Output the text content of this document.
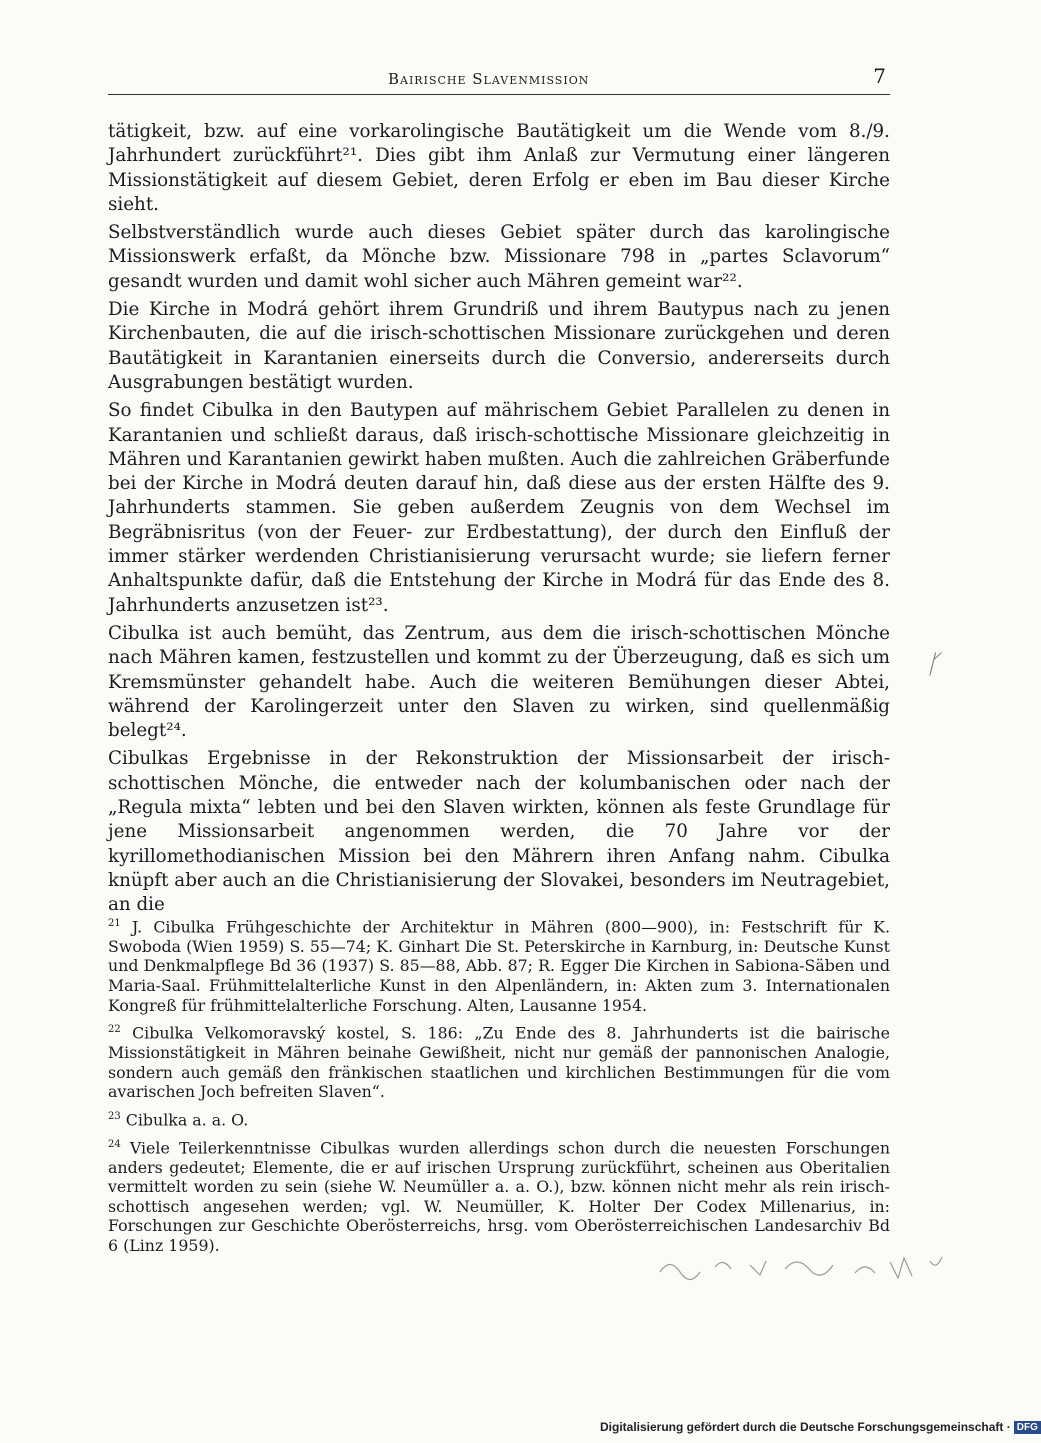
Bairische Slavenmission	7

tätigkeit, bzw. auf eine vorkarolingische Bautätigkeit um die Wende vom 8./9. Jahrhundert zurückführt²¹. Dies gibt ihm Anlaß zur Vermutung einer längeren Missionstätigkeit auf diesem Gebiet, deren Erfolg er eben im Bau dieser Kirche sieht.

Selbstverständlich wurde auch dieses Gebiet später durch das karolingische Missionswerk erfaßt, da Mönche bzw. Missionare 798 in „partes Sclavorum“ gesandt wurden und damit wohl sicher auch Mähren gemeint war²².

Die Kirche in Modrá gehört ihrem Grundriß und ihrem Bautypus nach zu jenen Kirchenbauten, die auf die irisch-schottischen Missionare zurückgehen und deren Bautätigkeit in Karantanien einerseits durch die Conversio, andererseits durch Ausgrabungen bestätigt wurden.

So findet Cibulka in den Bautypen auf mährischem Gebiet Parallelen zu denen in Karantanien und schließt daraus, daß irisch-schottische Missionare gleichzeitig in Mähren und Karantanien gewirkt haben mußten. Auch die zahlreichen Gräberfunde bei der Kirche in Modrá deuten darauf hin, daß diese aus der ersten Hälfte des 9. Jahrhunderts stammen. Sie geben außerdem Zeugnis von dem Wechsel im Begräbnisritus (von der Feuer- zur Erdbestattung), der durch den Einfluß der immer stärker werdenden Christianisierung verursacht wurde; sie liefern ferner Anhaltspunkte dafür, daß die Entstehung der Kirche in Modrá für das Ende des 8. Jahrhunderts anzusetzen ist²³.

Cibulka ist auch bemüht, das Zentrum, aus dem die irisch-schottischen Mönche nach Mähren kamen, festzustellen und kommt zu der Überzeugung, daß es sich um Kremsmünster gehandelt habe. Auch die weiteren Bemühungen dieser Abtei, während der Karolingerzeit unter den Slaven zu wirken, sind quellenmäßig belegt²⁴.

Cibulkas Ergebnisse in der Rekonstruktion der Missionsarbeit der irisch-schottischen Mönche, die entweder nach der kolumbanischen oder nach der „Regula mixta“ lebten und bei den Slaven wirkten, können als feste Grundlage für jene Missionsarbeit angenommen werden, die 70 Jahre vor der kyrillomethodianischen Mission bei den Mährern ihren Anfang nahm. Cibulka knüpft aber auch an die Christianisierung der Slovakei, besonders im Neutragebiet, an die

$^{21}$ J. Cibulka Frühgeschichte der Architektur in Mähren (800—900), in: Festschrift für K. Swoboda (Wien 1959) S. 55—74; K. Ginhart Die St. Peterskirche in Karnburg, in: Deutsche Kunst und Denkmalpflege Bd 36 (1937) S. 85—88, Abb. 87; R. Egger Die Kirchen in Sabiona-Säben und Maria-Saal. Frühmittelalterliche Kunst in den Alpenländern, in: Akten zum 3. Internationalen Kongreß für frühmittelalterliche Forschung. Alten, Lausanne 1954.

$^{22}$ Cibulka Velkomoravský kostel, S. 186: „Zu Ende des 8. Jahrhunderts ist die bairische Missionstätigkeit in Mähren beinahe Gewißheit, nicht nur gemäß der pannonischen Analogie, sondern auch gemäß den fränkischen staatlichen und kirchlichen Bestimmungen für die vom avarischen Joch befreiten Slaven“.

$^{23}$ Cibulka a. a. O.

$^{24}$ Viele Teilerkenntnisse Cibulkas wurden allerdings schon durch die neuesten Forschungen anders gedeutet; Elemente, die er auf irischen Ursprung zurückführt, scheinen aus Oberitalien vermittelt worden zu sein (siehe W. Neumüller a. a. O.), bzw. können nicht mehr als rein irisch-schottisch angesehen werden; vgl. W. Neumüller, K. Holter Der Codex Millenarius, in: Forschungen zur Geschichte Oberösterreichs, hrsg. vom Oberösterreichischen Landesarchiv Bd 6 (Linz 1959).

ᚴ
Digitalisierung gefördert durch die Deutsche Forschungsgemeinschaft · DFG
